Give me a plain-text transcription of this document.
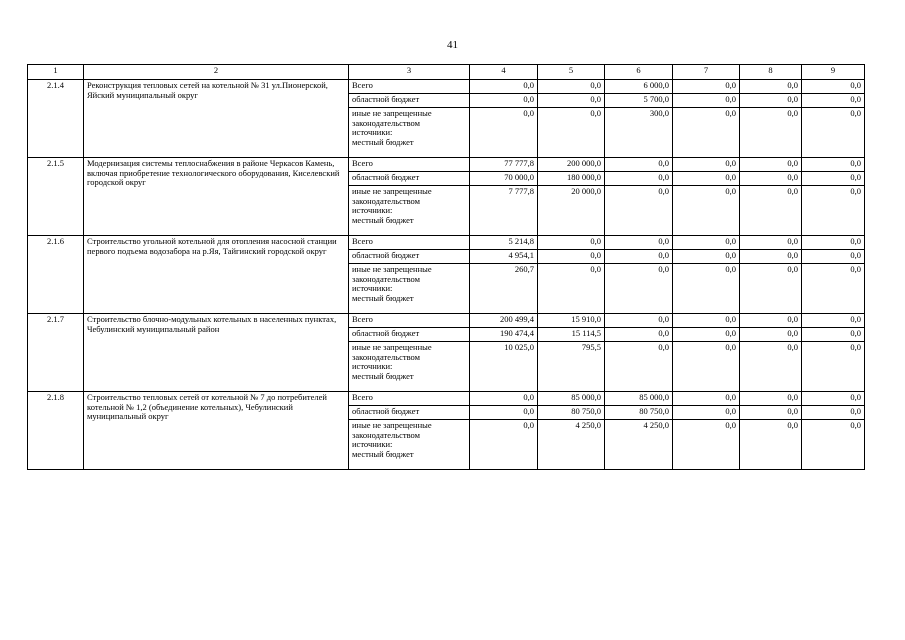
41
1	2	3	4	5	6	7	8	9
2.1.4	Реконструкция тепловых сетей на котельной № 31 ул.Пионерской, Яйский муниципальный округ	Всего	0,0	0,0	6 000,0	0,0	0,0	0,0
		областной бюджет	0,0	0,0	5 700,0	0,0	0,0	0,0

		иные не запрещенные
законодательством
источники:
местный бюджет	0,0	0,0	300,0	0,0	0,0	0,0
2.1.5	Модернизация системы теплоснабжения в районе Черкасов Камень, включая приобретение технологического оборудования, Киселевский городской округ	Всего	77 777,8	200 000,0	0,0	0,0	0,0	0,0
		областной бюджет	70 000,0	180 000,0	0,0	0,0	0,0	0,0

		иные не запрещенные
законодательством
источники:
местный бюджет	7 777,8	20 000,0	0,0	0,0	0,0	0,0
2.1.6	Строительство угольной котельной для отопления насосной станции первого подъема водозабора на р.Яя, Тайгинский городской округ	Всего	5 214,8	0,0	0,0	0,0	0,0	0,0
		областной бюджет	4 954,1	0,0	0,0	0,0	0,0	0,0

		иные не запрещенные
законодательством
источники:
местный бюджет	260,7	0,0	0,0	0,0	0,0	0,0
2.1.7	Строительство блочно-модульных котельных в населенных пунктах, Чебулинский муниципальный район	Всего	200 499,4	15 910,0	0,0	0,0	0,0	0,0
		областной бюджет	190 474,4	15 114,5	0,0	0,0	0,0	0,0

		иные не запрещенные
законодательством
источники:
местный бюджет	10 025,0	795,5	0,0	0,0	0,0	0,0
2.1.8	Строительство тепловых сетей от котельной № 7 до потребителей котельной № 1,2 (объединение котельных), Чебулинский муниципальный округ	Всего	0,0	85 000,0	85 000,0	0,0	0,0	0,0
		областной бюджет	0,0	80 750,0	80 750,0	0,0	0,0	0,0

		иные не запрещенные
законодательством
источники:
местный бюджет	0,0	4 250,0	4 250,0	0,0	0,0	0,0
